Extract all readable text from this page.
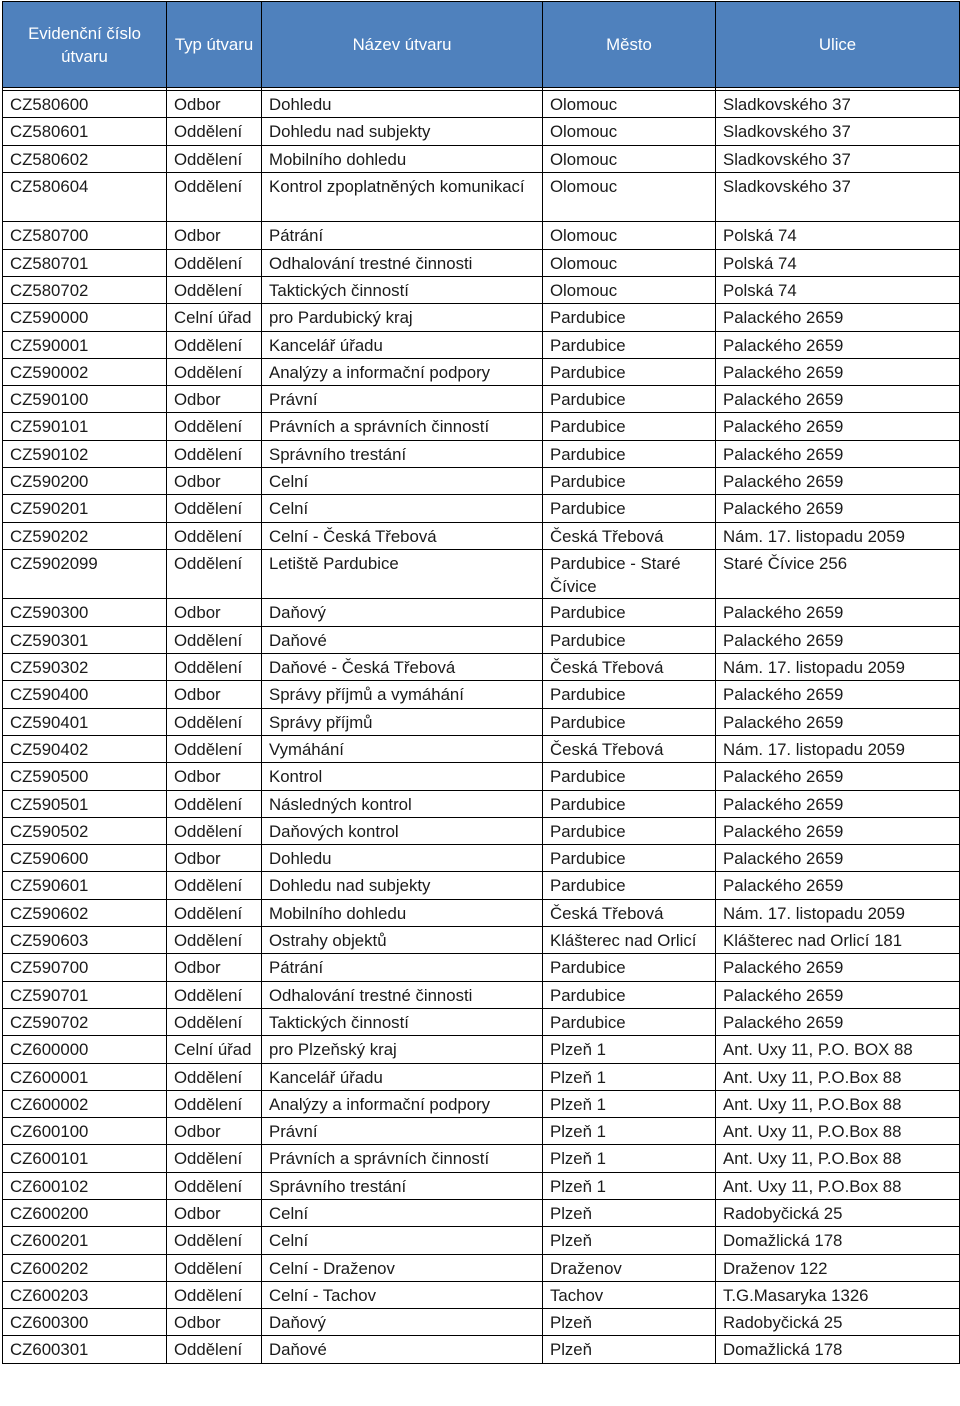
Evidenční číslo útvaru	Typ útvaru	Název útvaru	Město	Ulice

CZ580600	Odbor	Dohledu	Olomouc	Sladkovského 37
CZ580601	Oddělení	Dohledu nad subjekty	Olomouc	Sladkovského 37
CZ580602	Oddělení	Mobilního dohledu	Olomouc	Sladkovského 37
CZ580604	Oddělení	Kontrol zpoplatněných komunikací	Olomouc	Sladkovského 37
CZ580700	Odbor	Pátrání	Olomouc	Polská 74
CZ580701	Oddělení	Odhalování trestné činnosti	Olomouc	Polská 74
CZ580702	Oddělení	Taktických činností	Olomouc	Polská 74
CZ590000	Celní úřad	pro Pardubický kraj	Pardubice	Palackého 2659
CZ590001	Oddělení	Kancelář úřadu	Pardubice	Palackého 2659
CZ590002	Oddělení	Analýzy a informační podpory	Pardubice	Palackého 2659
CZ590100	Odbor	Právní	Pardubice	Palackého 2659
CZ590101	Oddělení	Právních a správních činností	Pardubice	Palackého 2659
CZ590102	Oddělení	Správního trestání	Pardubice	Palackého 2659
CZ590200	Odbor	Celní	Pardubice	Palackého 2659
CZ590201	Oddělení	Celní	Pardubice	Palackého 2659
CZ590202	Oddělení	Celní - Česká Třebová	Česká Třebová	Nám. 17. listopadu 2059
CZ5902099	Oddělení	Letiště Pardubice	Pardubice - Staré Čívice	Staré Čívice 256
CZ590300	Odbor	Daňový	Pardubice	Palackého 2659
CZ590301	Oddělení	Daňové	Pardubice	Palackého 2659
CZ590302	Oddělení	Daňové - Česká Třebová	Česká Třebová	Nám. 17. listopadu 2059
CZ590400	Odbor	Správy příjmů a vymáhání	Pardubice	Palackého 2659
CZ590401	Oddělení	Správy příjmů	Pardubice	Palackého 2659
CZ590402	Oddělení	Vymáhání	Česká Třebová	Nám. 17. listopadu 2059
CZ590500	Odbor	Kontrol	Pardubice	Palackého 2659
CZ590501	Oddělení	Následných kontrol	Pardubice	Palackého 2659
CZ590502	Oddělení	Daňových kontrol	Pardubice	Palackého 2659
CZ590600	Odbor	Dohledu	Pardubice	Palackého 2659
CZ590601	Oddělení	Dohledu nad subjekty	Pardubice	Palackého 2659
CZ590602	Oddělení	Mobilního dohledu	Česká Třebová	Nám. 17. listopadu 2059
CZ590603	Oddělení	Ostrahy objektů	Klášterec nad Orlicí	Klášterec nad Orlicí 181
CZ590700	Odbor	Pátrání	Pardubice	Palackého 2659
CZ590701	Oddělení	Odhalování trestné činnosti	Pardubice	Palackého 2659
CZ590702	Oddělení	Taktických činností	Pardubice	Palackého 2659
CZ600000	Celní úřad	pro Plzeňský kraj	Plzeň 1	Ant. Uxy 11, P.O. BOX 88
CZ600001	Oddělení	Kancelář úřadu	Plzeň 1	Ant. Uxy 11, P.O.Box 88
CZ600002	Oddělení	Analýzy a informační podpory	Plzeň 1	Ant. Uxy 11, P.O.Box 88
CZ600100	Odbor	Právní	Plzeň 1	Ant. Uxy 11, P.O.Box 88
CZ600101	Oddělení	Právních a správních činností	Plzeň 1	Ant. Uxy 11, P.O.Box 88
CZ600102	Oddělení	Správního trestání	Plzeň 1	Ant. Uxy 11, P.O.Box 88
CZ600200	Odbor	Celní	Plzeň	Radobyčická 25
CZ600201	Oddělení	Celní	Plzeň	Domažlická 178
CZ600202	Oddělení	Celní - Draženov	Draženov	Draženov 122
CZ600203	Oddělení	Celní - Tachov	Tachov	T.G.Masaryka 1326
CZ600300	Odbor	Daňový	Plzeň	Radobyčická 25
CZ600301	Oddělení	Daňové	Plzeň	Domažlická 178
